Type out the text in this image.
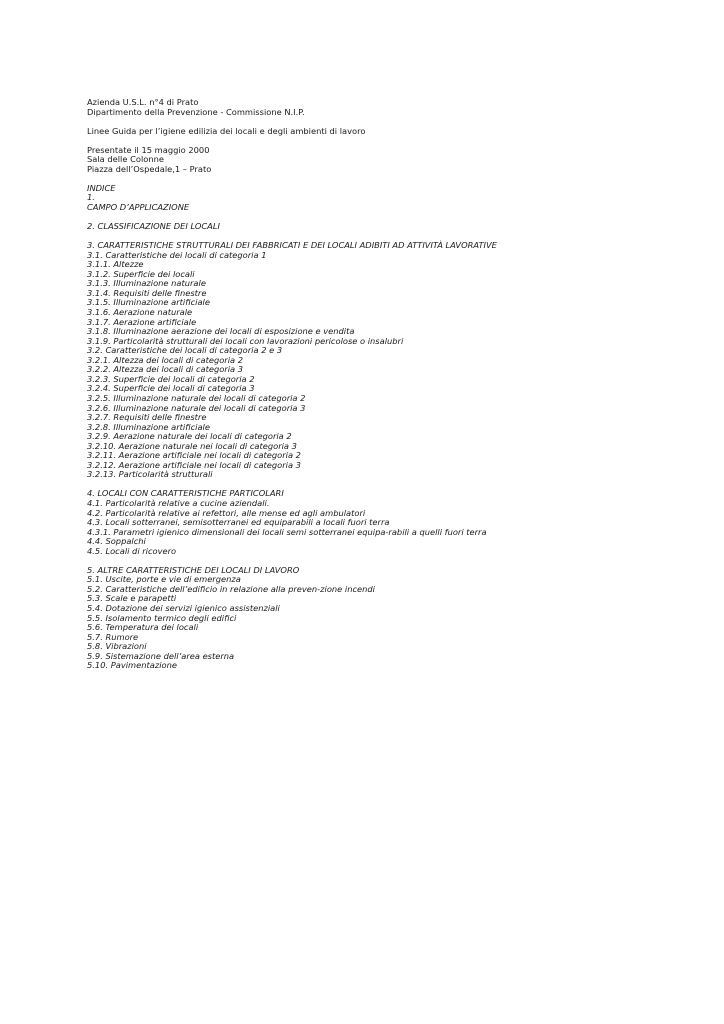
Azienda U.S.L. n°4 di Prato
Dipartimento della Prevenzione - Commissione N.I.P.
Linee Guida per l’igiene edilizia dei locali e degli ambienti di lavoro
Presentate il 15 maggio 2000
Sala delle Colonne
Piazza dell’Ospedale,1 – Prato
INDICE
1.
CAMPO D’APPLICAZIONE
2. CLASSIFICAZIONE DEI LOCALI
3. CARATTERISTICHE STRUTTURALI DEI FABBRICATI E DEI LOCALI ADIBITI AD ATTIVITÀ LAVORATIVE
3.1. Caratteristiche dei locali di categoria 1
3.1.1. Altezze
3.1.2. Superficie dei locali
3.1.3. Illuminazione naturale
3.1.4. Requisiti delle finestre
3.1.5. Illuminazione artificiale
3.1.6. Aerazione naturale
3.1.7. Aerazione artificiale
3.1.8. Illuminazione aerazione dei locali di esposizione e vendita
3.1.9. Particolarità strutturali dei locali con lavorazioni pericolose o insalubri
3.2. Caratteristiche dei locali di categoria 2 e 3
3.2.1. Altezza dei locali di categoria 2
3.2.2. Altezza dei locali di categoria 3
3.2.3. Superficie dei locali di categoria 2
3.2.4. Superficie dei locali di categoria 3
3.2.5. Illuminazione naturale dei locali di categoria 2
3.2.6. Illuminazione naturale dei locali di categoria 3
3.2.7. Requisiti delle finestre
3.2.8. Illuminazione artificiale
3.2.9. Aerazione naturale dei locali di categoria 2
3.2.10. Aerazione naturale nei locali di categoria 3
3.2.11. Aerazione artificiale nei locali di categoria 2
3.2.12. Aerazione artificiale nei locali di categoria 3
3.2.13. Particolarità strutturali
4. LOCALI CON CARATTERISTICHE PARTICOLARI
4.1. Particolarità relative a cucine aziendali.
4.2. Particolarità relative ai refettori, alle mense ed agli ambulatori
4.3. Locali sotterranei, semisotterranei ed equiparabili a locali fuori terra
4.3.1. Parametri igienico dimensionali dei locali semi sotterranei equipa-rabili a quelli fuori terra
4.4. Soppalchi
4.5. Locali di ricovero
5. ALTRE CARATTERISTICHE DEI LOCALI DI LAVORO
5.1. Uscite, porte e vie di emergenza
5.2. Caratteristiche dell’edificio in relazione alla preven-zione incendi
5.3. Scale e parapetti
5.4. Dotazione dei servizi igienico assistenziali
5.5. Isolamento termico degli edifici
5.6. Temperatura dei locali
5.7. Rumore
5.8. Vibrazioni
5.9. Sistemazione dell’area esterna
5.10. Pavimentazione
